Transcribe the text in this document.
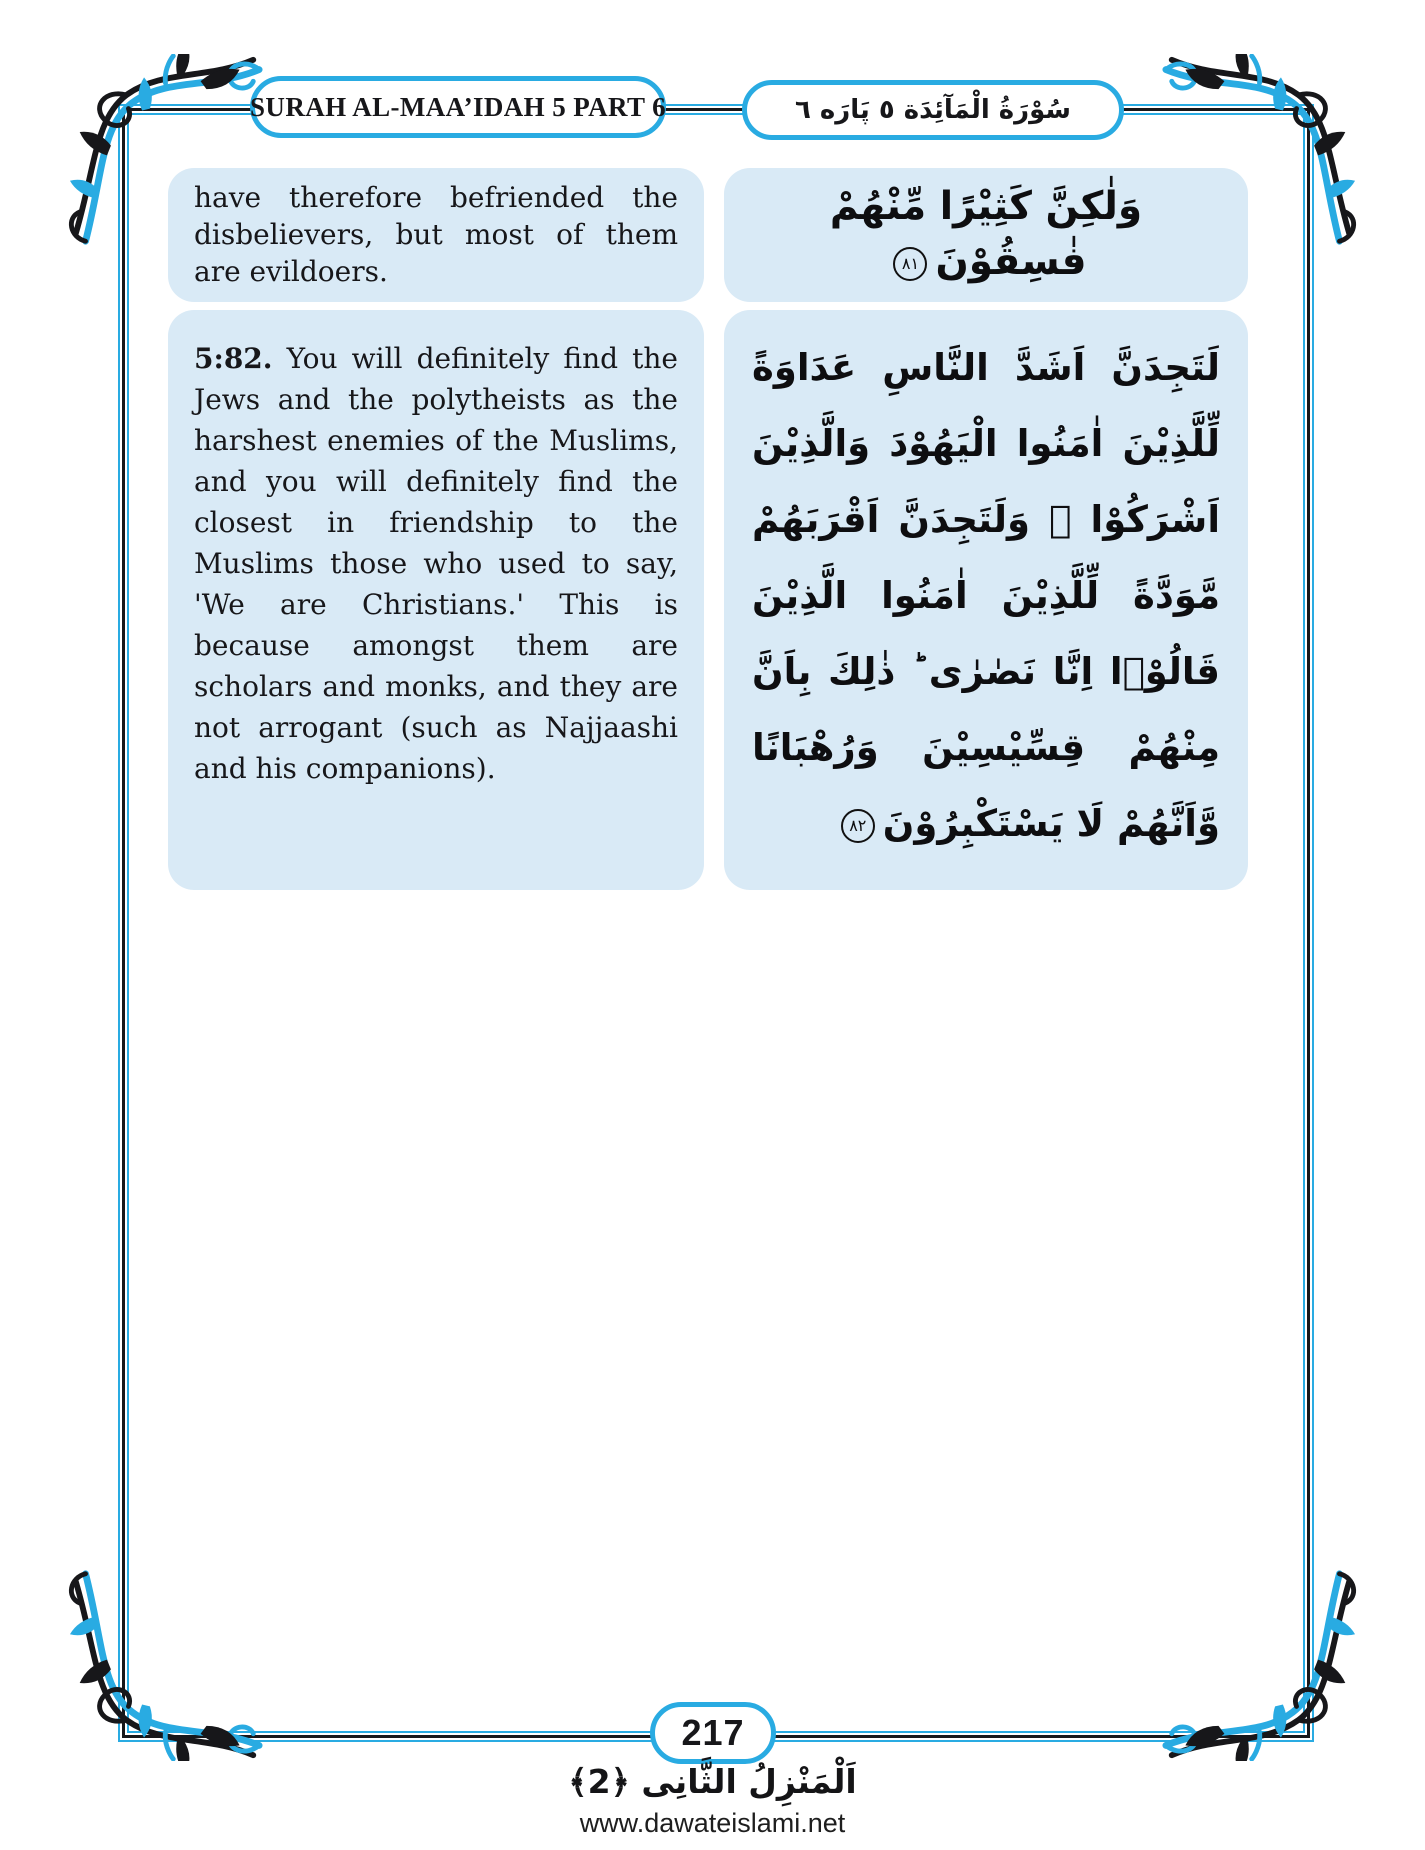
SURAH AL-MAA’IDAH 5 PART 6	سُوْرَةُ الْمَآئِدَة ٥ پَارَه ٦

have therefore befriended the disbelievers, but most of them are evildoers.

وَلٰكِنَّ كَثِيْرًا مِّنْهُمْ فٰسِقُوْنَ٨١

5:82. You will definitely find the Jews and the polytheists as the harshest enemies of the Muslims, and you will definitely find the closest in friendship to the Muslims those who used to say, 'We are Christians.' This is because amongst them are scholars and monks, and they are not arrogant (such as Najjaashi and his companions).

لَتَجِدَنَّ اَشَدَّ النَّاسِ عَدَاوَةً لِّلَّذِيْنَ اٰمَنُوا الْيَهُوْدَ وَالَّذِيْنَ اَشْرَكُوْا ۚ وَلَتَجِدَنَّ اَقْرَبَهُمْ مَّوَدَّةً لِّلَّذِيْنَ اٰمَنُوا الَّذِيْنَ قَالُوْۤا اِنَّا نَصٰرٰى ؕ ذٰلِكَ بِاَنَّ مِنْهُمْ قِسِّيْسِيْنَ وَرُهْبَانًا وَّاَنَّهُمْ لَا يَسْتَكْبِرُوْنَ٨٢

217
اَلْمَنْزِلُ الثَّانِى ﴿2﴾
www.dawateislami.net
